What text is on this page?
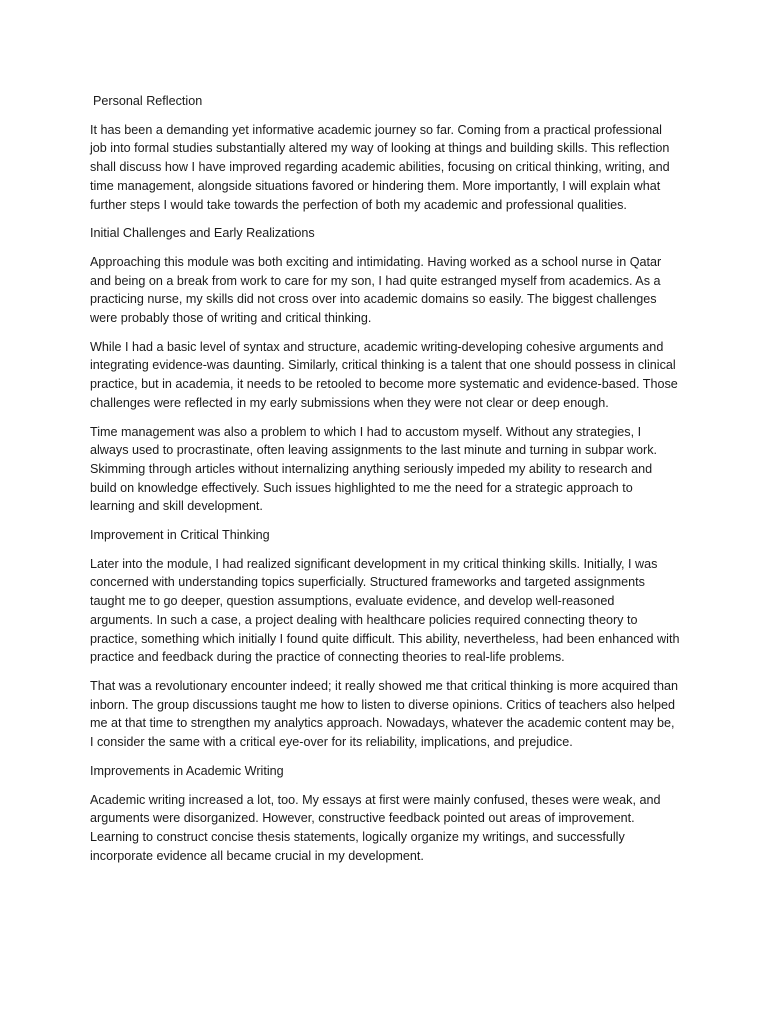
Personal Reflection

It has been a demanding yet informative academic journey so far. Coming from a practical professional job into formal studies substantially altered my way of looking at things and building skills. This reflection shall discuss how I have improved regarding academic abilities, focusing on critical thinking, writing, and time management, alongside situations favored or hindering them. More importantly, I will explain what further steps I would take towards the perfection of both my academic and professional qualities.

Initial Challenges and Early Realizations

Approaching this module was both exciting and intimidating. Having worked as a school nurse in Qatar and being on a break from work to care for my son, I had quite estranged myself from academics. As a practicing nurse, my skills did not cross over into academic domains so easily. The biggest challenges were probably those of writing and critical thinking.

While I had a basic level of syntax and structure, academic writing-developing cohesive arguments and integrating evidence-was daunting. Similarly, critical thinking is a talent that one should possess in clinical practice, but in academia, it needs to be retooled to become more systematic and evidence-based. Those challenges were reflected in my early submissions when they were not clear or deep enough.

Time management was also a problem to which I had to accustom myself. Without any strategies, I always used to procrastinate, often leaving assignments to the last minute and turning in subpar work. Skimming through articles without internalizing anything seriously impeded my ability to research and build on knowledge effectively. Such issues highlighted to me the need for a strategic approach to learning and skill development.

Improvement in Critical Thinking

Later into the module, I had realized significant development in my critical thinking skills. Initially, I was concerned with understanding topics superficially. Structured frameworks and targeted assignments taught me to go deeper, question assumptions, evaluate evidence, and develop well-reasoned arguments. In such a case, a project dealing with healthcare policies required connecting theory to practice, something which initially I found quite difficult. This ability, nevertheless, had been enhanced with practice and feedback during the practice of connecting theories to real-life problems.

That was a revolutionary encounter indeed; it really showed me that critical thinking is more acquired than inborn. The group discussions taught me how to listen to diverse opinions. Critics of teachers also helped me at that time to strengthen my analytics approach. Nowadays, whatever the academic content may be, I consider the same with a critical eye-over for its reliability, implications, and prejudice.

Improvements in Academic Writing

Academic writing increased a lot, too. My essays at first were mainly confused, theses were weak, and arguments were disorganized. However, constructive feedback pointed out areas of improvement. Learning to construct concise thesis statements, logically organize my writings, and successfully incorporate evidence all became crucial in my development.
